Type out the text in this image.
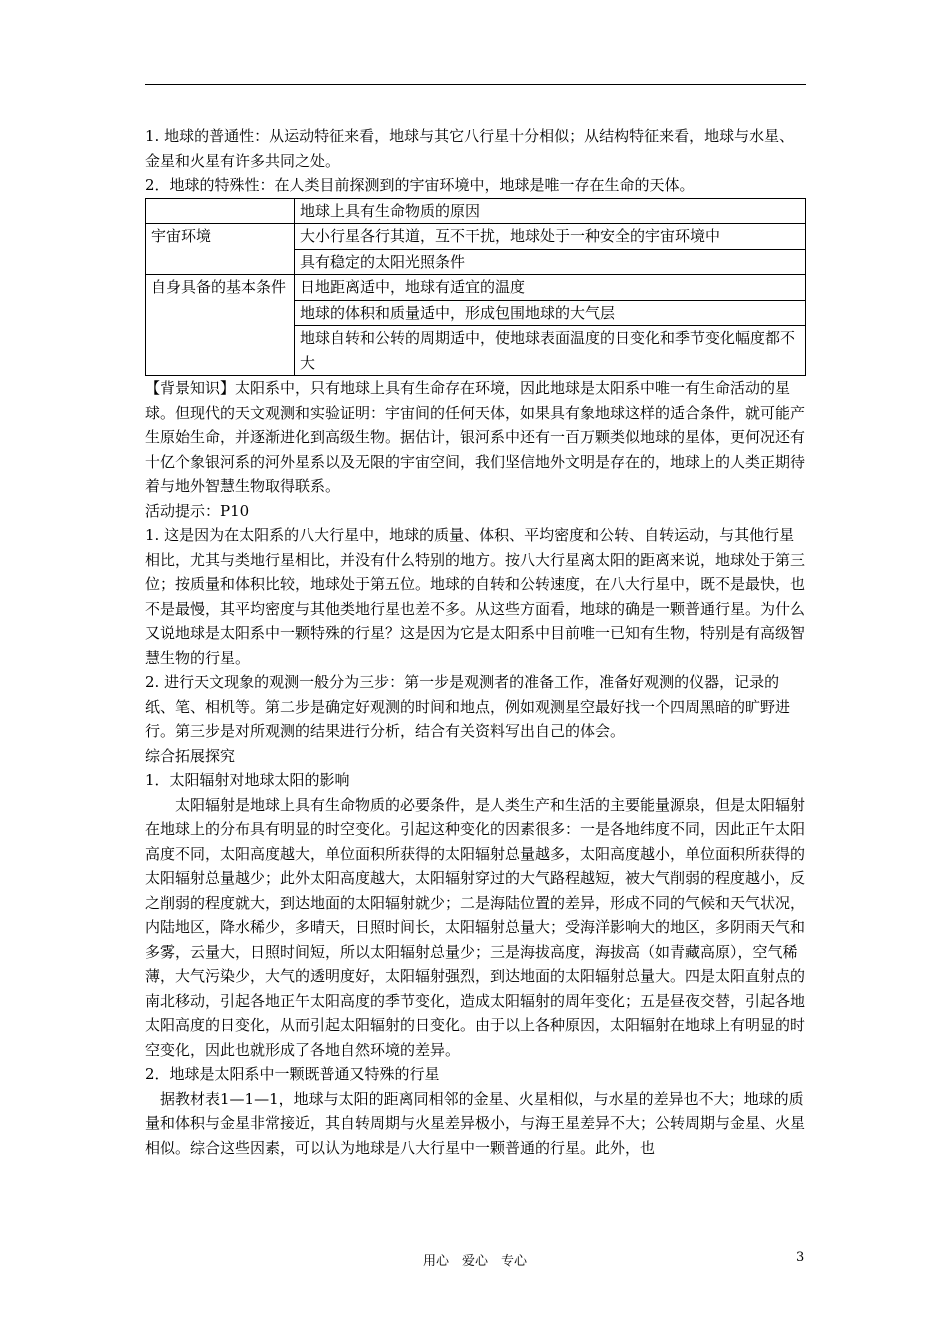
1. 地球的普通性：从运动特征来看，地球与其它八行星十分相似；从结构特征来看，地球与水星、金星和火星有许多共同之处。

2．地球的特殊性：在人类目前探测到的宇宙环境中，地球是唯一存在生命的天体。

	地球上具有生命物质的原因
宇宙环境	大小行星各行其道，互不干扰，地球处于一种安全的宇宙环境中
	具有稳定的太阳光照条件
自身具备的基本条件	日地距离适中，地球有适宜的温度
	地球的体积和质量适中，形成包围地球的大气层
	地球自转和公转的周期适中，使地球表面温度的日变化和季节变化幅度都不大

【背景知识】太阳系中，只有地球上具有生命存在环境，因此地球是太阳系中唯一有生命活动的星球。但现代的天文观测和实验证明：宇宙间的任何天体，如果具有象地球这样的适合条件，就可能产生原始生命，并逐渐进化到高级生物。据估计，银河系中还有一百万颗类似地球的星体，更何况还有十亿个象银河系的河外星系以及无限的宇宙空间，我们坚信地外文明是存在的，地球上的人类正期待着与地外智慧生物取得联系。

活动提示：P10

1. 这是因为在太阳系的八大行星中，地球的质量、体积、平均密度和公转、自转运动，与其他行星相比，尤其与类地行星相比，并没有什么特别的地方。按八大行星离太阳的距离来说，地球处于第三位；按质量和体积比较，地球处于第五位。地球的自转和公转速度，在八大行星中，既不是最快，也不是最慢，其平均密度与其他类地行星也差不多。从这些方面看，地球的确是一颗普通行星。为什么又说地球是太阳系中一颗特殊的行星？这是因为它是太阳系中目前唯一已知有生物，特别是有高级智慧生物的行星。

2. 进行天文现象的观测一般分为三步：第一步是观测者的准备工作，准备好观测的仪器，记录的纸、笔、相机等。第二步是确定好观测的时间和地点，例如观测星空最好找一个四周黑暗的旷野进行。第三步是对所观测的结果进行分析，结合有关资料写出自己的体会。

综合拓展探究

1．太阳辐射对地球太阳的影响

太阳辐射是地球上具有生命物质的必要条件，是人类生产和生活的主要能量源泉，但是太阳辐射在地球上的分布具有明显的时空变化。引起这种变化的因素很多：一是各地纬度不同，因此正午太阳高度不同，太阳高度越大，单位面积所获得的太阳辐射总量越多，太阳高度越小，单位面积所获得的太阳辐射总量越少；此外太阳高度越大，太阳辐射穿过的大气路程越短，被大气削弱的程度越小，反之削弱的程度就大，到达地面的太阳辐射就少；二是海陆位置的差异，形成不同的气候和天气状况，内陆地区，降水稀少，多晴天，日照时间长，太阳辐射总量大；受海洋影响大的地区，多阴雨天气和多雾，云量大，日照时间短，所以太阳辐射总量少；三是海拔高度，海拔高（如青藏高原），空气稀薄，大气污染少，大气的透明度好，太阳辐射强烈，到达地面的太阳辐射总量大。四是太阳直射点的南北移动，引起各地正午太阳高度的季节变化，造成太阳辐射的周年变化；五是昼夜交替，引起各地太阳高度的日变化，从而引起太阳辐射的日变化。由于以上各种原因，太阳辐射在地球上有明显的时空变化，因此也就形成了各地自然环境的差异。

2．地球是太阳系中一颗既普通又特殊的行星

据教材表1—1—1，地球与太阳的距离同相邻的金星、火星相似，与水星的差异也不大；地球的质量和体积与金星非常接近，其自转周期与火星差异极小，与海王星差异不大；公转周期与金星、火星相似。综合这些因素，可以认为地球是八大行星中一颗普通的行星。此外，也

用心　爱心　专心	3
